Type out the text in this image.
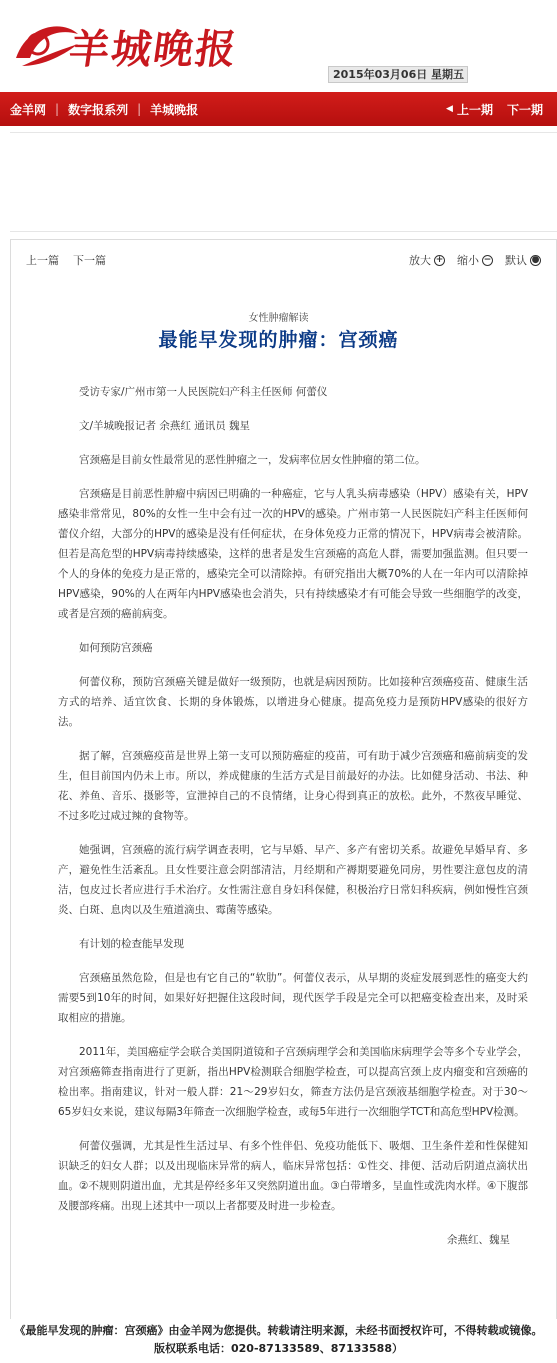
羊城晚报
2015年03月06日 星期五
金羊网 | 数字报系列 | 羊城晚报	◀ 上一期 下一期
上一篇 下一篇	放大 + 缩小 − 默认 ●
女性肿瘤解读
最能早发现的肿瘤：宫颈癌

受访专家/广州市第一人民医院妇产科主任医师 何蕾仪

文/羊城晚报记者 余燕红 通讯员 魏星

宫颈癌是目前女性最常见的恶性肿瘤之一，发病率位居女性肿瘤的第二位。

宫颈癌是目前恶性肿瘤中病因已明确的一种癌症，它与人乳头病毒感染（HPV）感染有关，HPV感染非常常见，80%的女性一生中会有过一次的HPV的感染。广州市第一人民医院妇产科主任医师何蕾仪介绍，大部分的HPV的感染是没有任何症状，在身体免疫力正常的情况下，HPV病毒会被清除。但若是高危型的HPV病毒持续感染，这样的患者是发生宫颈癌的高危人群，需要加强监测。但只要一个人的身体的免疫力是正常的，感染完全可以清除掉。有研究指出大概70%的人在一年内可以清除掉HPV感染，90%的人在两年内HPV感染也会消失，只有持续感染才有可能会导致一些细胞学的改变，或者是宫颈的癌前病变。

如何预防宫颈癌

何蕾仪称，预防宫颈癌关键是做好一级预防，也就是病因预防。比如接种宫颈癌疫苗、健康生活方式的培养、适宜饮食、长期的身体锻炼，以增进身心健康。提高免疫力是预防HPV感染的很好方法。

据了解，宫颈癌疫苗是世界上第一支可以预防癌症的疫苗，可有助于减少宫颈癌和癌前病变的发生，但目前国内仍未上市。所以，养成健康的生活方式是目前最好的办法。比如健身活动、书法、种花、养鱼、音乐、摄影等，宣泄掉自己的不良情绪，让身心得到真正的放松。此外，不熬夜早睡觉、不过多吃过咸过辣的食物等。

她强调，宫颈癌的流行病学调查表明，它与早婚、早产、多产有密切关系。故避免早婚早育、多产，避免性生活紊乱。且女性要注意会阴部清洁，月经期和产褥期要避免同房，男性要注意包皮的清洁，包皮过长者应进行手术治疗。女性需注意自身妇科保健，积极治疗日常妇科疾病，例如慢性宫颈炎、白斑、息肉以及生殖道滴虫、霉菌等感染。

有计划的检查能早发现

宫颈癌虽然危险，但是也有它自己的“软肋”。何蕾仪表示，从早期的炎症发展到恶性的癌变大约需要5到10年的时间，如果好好把握住这段时间，现代医学手段是完全可以把癌变检查出来，及时采取相应的措施。

2011年，美国癌症学会联合美国阴道镜和子宫颈病理学会和美国临床病理学会等多个专业学会，对宫颈癌筛查指南进行了更新，指出HPV检测联合细胞学检查，可以提高宫颈上皮内瘤变和宫颈癌的检出率。指南建议，针对一般人群：21～29岁妇女，筛查方法仍是宫颈液基细胞学检查。对于30～65岁妇女来说，建议每隔3年筛查一次细胞学检查，或每5年进行一次细胞学TCT和高危型HPV检测。

何蕾仪强调，尤其是性生活过早、有多个性伴侣、免疫功能低下、吸烟、卫生条件差和性保健知识缺乏的妇女人群；以及出现临床异常的病人，临床异常包括：①性交、排便、活动后阴道点滴状出血。②不规则阴道出血，尤其是停经多年又突然阴道出血。③白带增多，呈血性或洗肉水样。④下腹部及腰部疼痛。出现上述其中一项以上者都要及时进一步检查。

余燕红、魏星

《最能早发现的肿瘤：宫颈癌》由金羊网为您提供。转载请注明来源，未经书面授权许可，不得转载或镜像。版权联系电话：020-87133589、87133588）
